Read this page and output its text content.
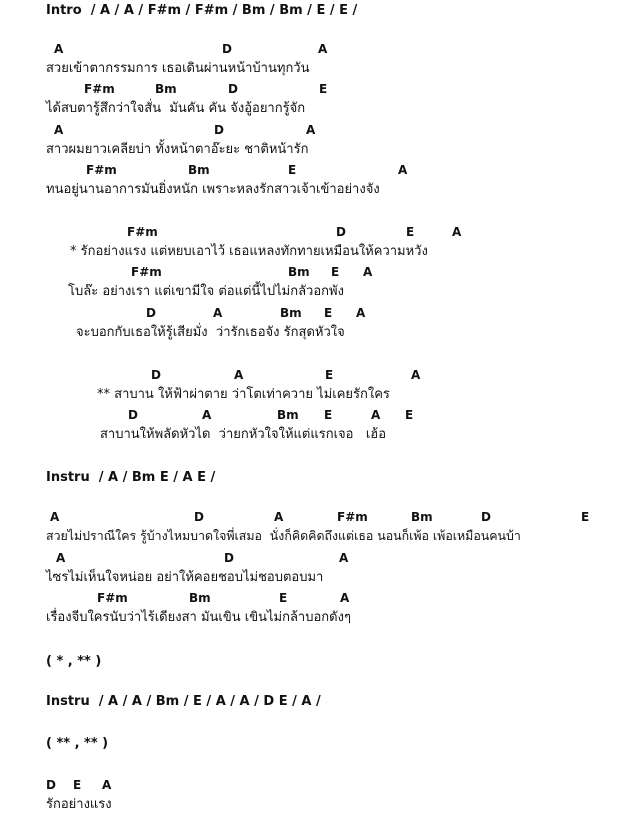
Intro  / A / A / F#m / F#m / Bm / Bm / E / E /
A	D	A
สวยเข้าตากรรมการ เธอเดินผ่านหน้าบ้านทุกวัน
F#m	Bm	D	E
ได้สบตารู้สึกว่าใจสั่น  มันคัน คัน จังอู้อยากรู้จัก
A	D	A
สาวผมยาวเคลียบ่า ทั้งหน้าตาอ๊ะยะ ชาติหน้ารัก
F#m	Bm	E	A
ทนอยู่นานอาการมันยิ่งหนัก เพราะหลงรักสาวเจ้าเข้าอย่างจัง
F#m	D	E	A
* รักอย่างแรง แต่หยบเอาไว้ เธอแหลงทักทายเหมือนให้ความหวัง
F#m	Bm E A
โบล๊ะ อย่างเรา แต่เขามีใจ ต่อแต่นี้ไปไม่กลัวอกพัง
D	A	Bm E A
จะบอกกับเธอให้รู้เสียมั่ง  ว่ารักเธอจัง รักสุดหัวใจ
D	A	E	A
** สาบาน ให้ฟ้าผ่าตาย ว่าโตเท่าควาย ไม่เคยรักใคร
D	A	Bm E	A E
สาบานให้พลัดหัวได  ว่ายกหัวใจให้แต่แรกเจอ   เฮ้อ
Instru  / A / Bm E / A E /
A	D	A	F#m	Bm	D	E
สวยไม่ปราณีใคร รู้บ้างไหมบาดใจพี่เสมอ  นั่งก็คิดคิดถึงแต่เธอ นอนก็เพ้อ เพ้อเหมือนคนบ้า
A	D	A
ไซรไม่เห็นใจหน่อย อย่าให้คอยชอบไม่ชอบตอบมา
F#m	Bm	E	A
เรื่องจีบใครนับว่าไร้เดียงสา มันเขิน เขินไม่กล้าบอกดังๆ
( * , ** )
Instru  / A / A / Bm / E / A / A / D E / A /
( ** , ** )
D E A
รักอย่างแรง
